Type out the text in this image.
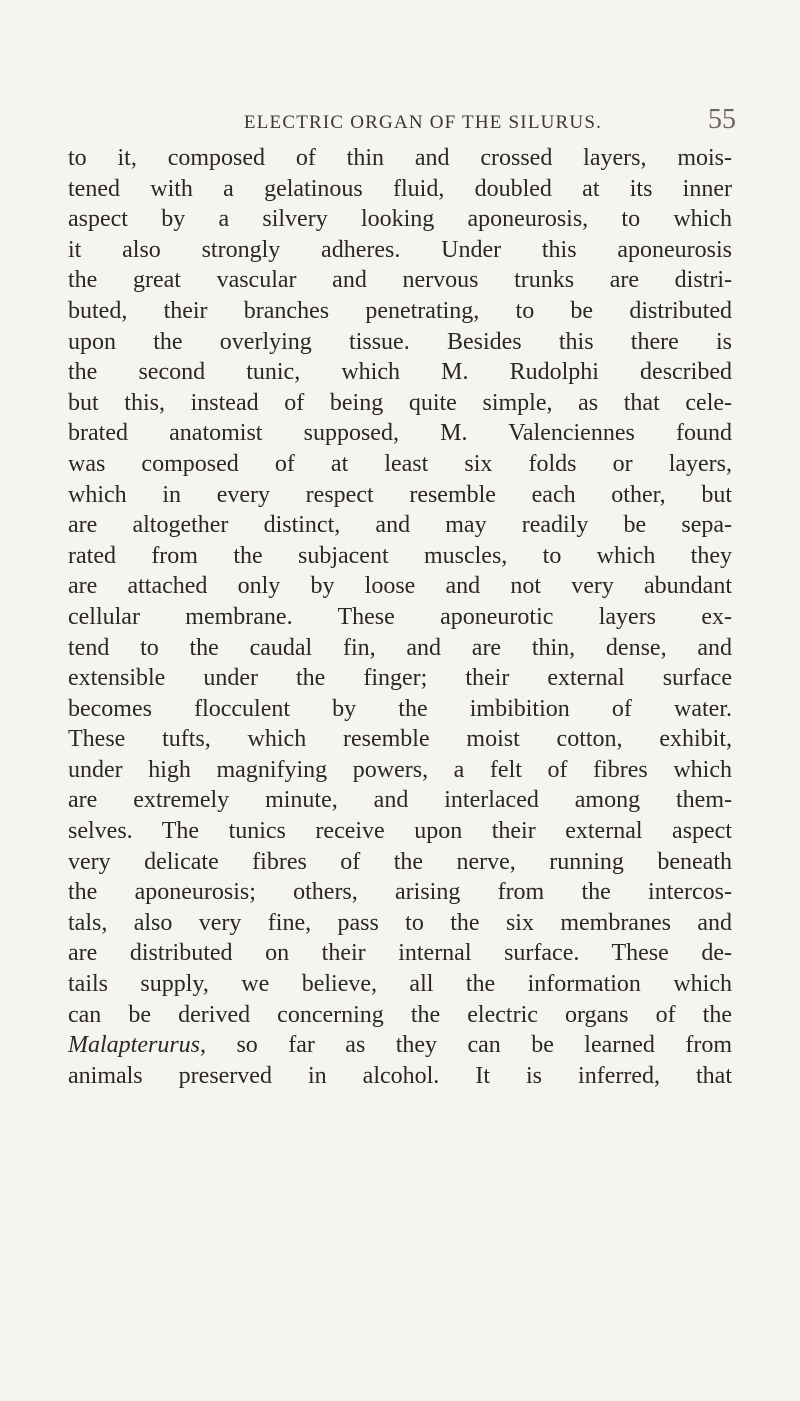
ELECTRIC ORGAN OF THE SILURUS.	55
to it, composed of thin and crossed layers, mois-
tened with a gelatinous fluid, doubled at its inner
aspect by a silvery looking aponeurosis, to which
it also strongly adheres. Under this aponeurosis
the great vascular and nervous trunks are distri-
buted, their branches penetrating, to be distributed
upon the overlying tissue. Besides this there is
the second tunic, which M. Rudolphi described
but this, instead of being quite simple, as that cele-
brated anatomist supposed, M. Valenciennes found
was composed of at least six folds or layers,
which in every respect resemble each other, but
are altogether distinct, and may readily be sepa-
rated from the subjacent muscles, to which they
are attached only by loose and not very abundant
cellular membrane. These aponeurotic layers ex-
tend to the caudal fin, and are thin, dense, and
extensible under the finger; their external surface
becomes flocculent by the imbibition of water.
These tufts, which resemble moist cotton, exhibit,
under high magnifying powers, a felt of fibres which
are extremely minute, and interlaced among them-
selves. The tunics receive upon their external aspect
very delicate fibres of the nerve, running beneath
the aponeurosis; others, arising from the intercos-
tals, also very fine, pass to the six membranes and
are distributed on their internal surface. These de-
tails supply, we believe, all the information which
can be derived concerning the electric organs of the
Malapterurus, so far as they can be learned from
animals preserved in alcohol. It is inferred, that
